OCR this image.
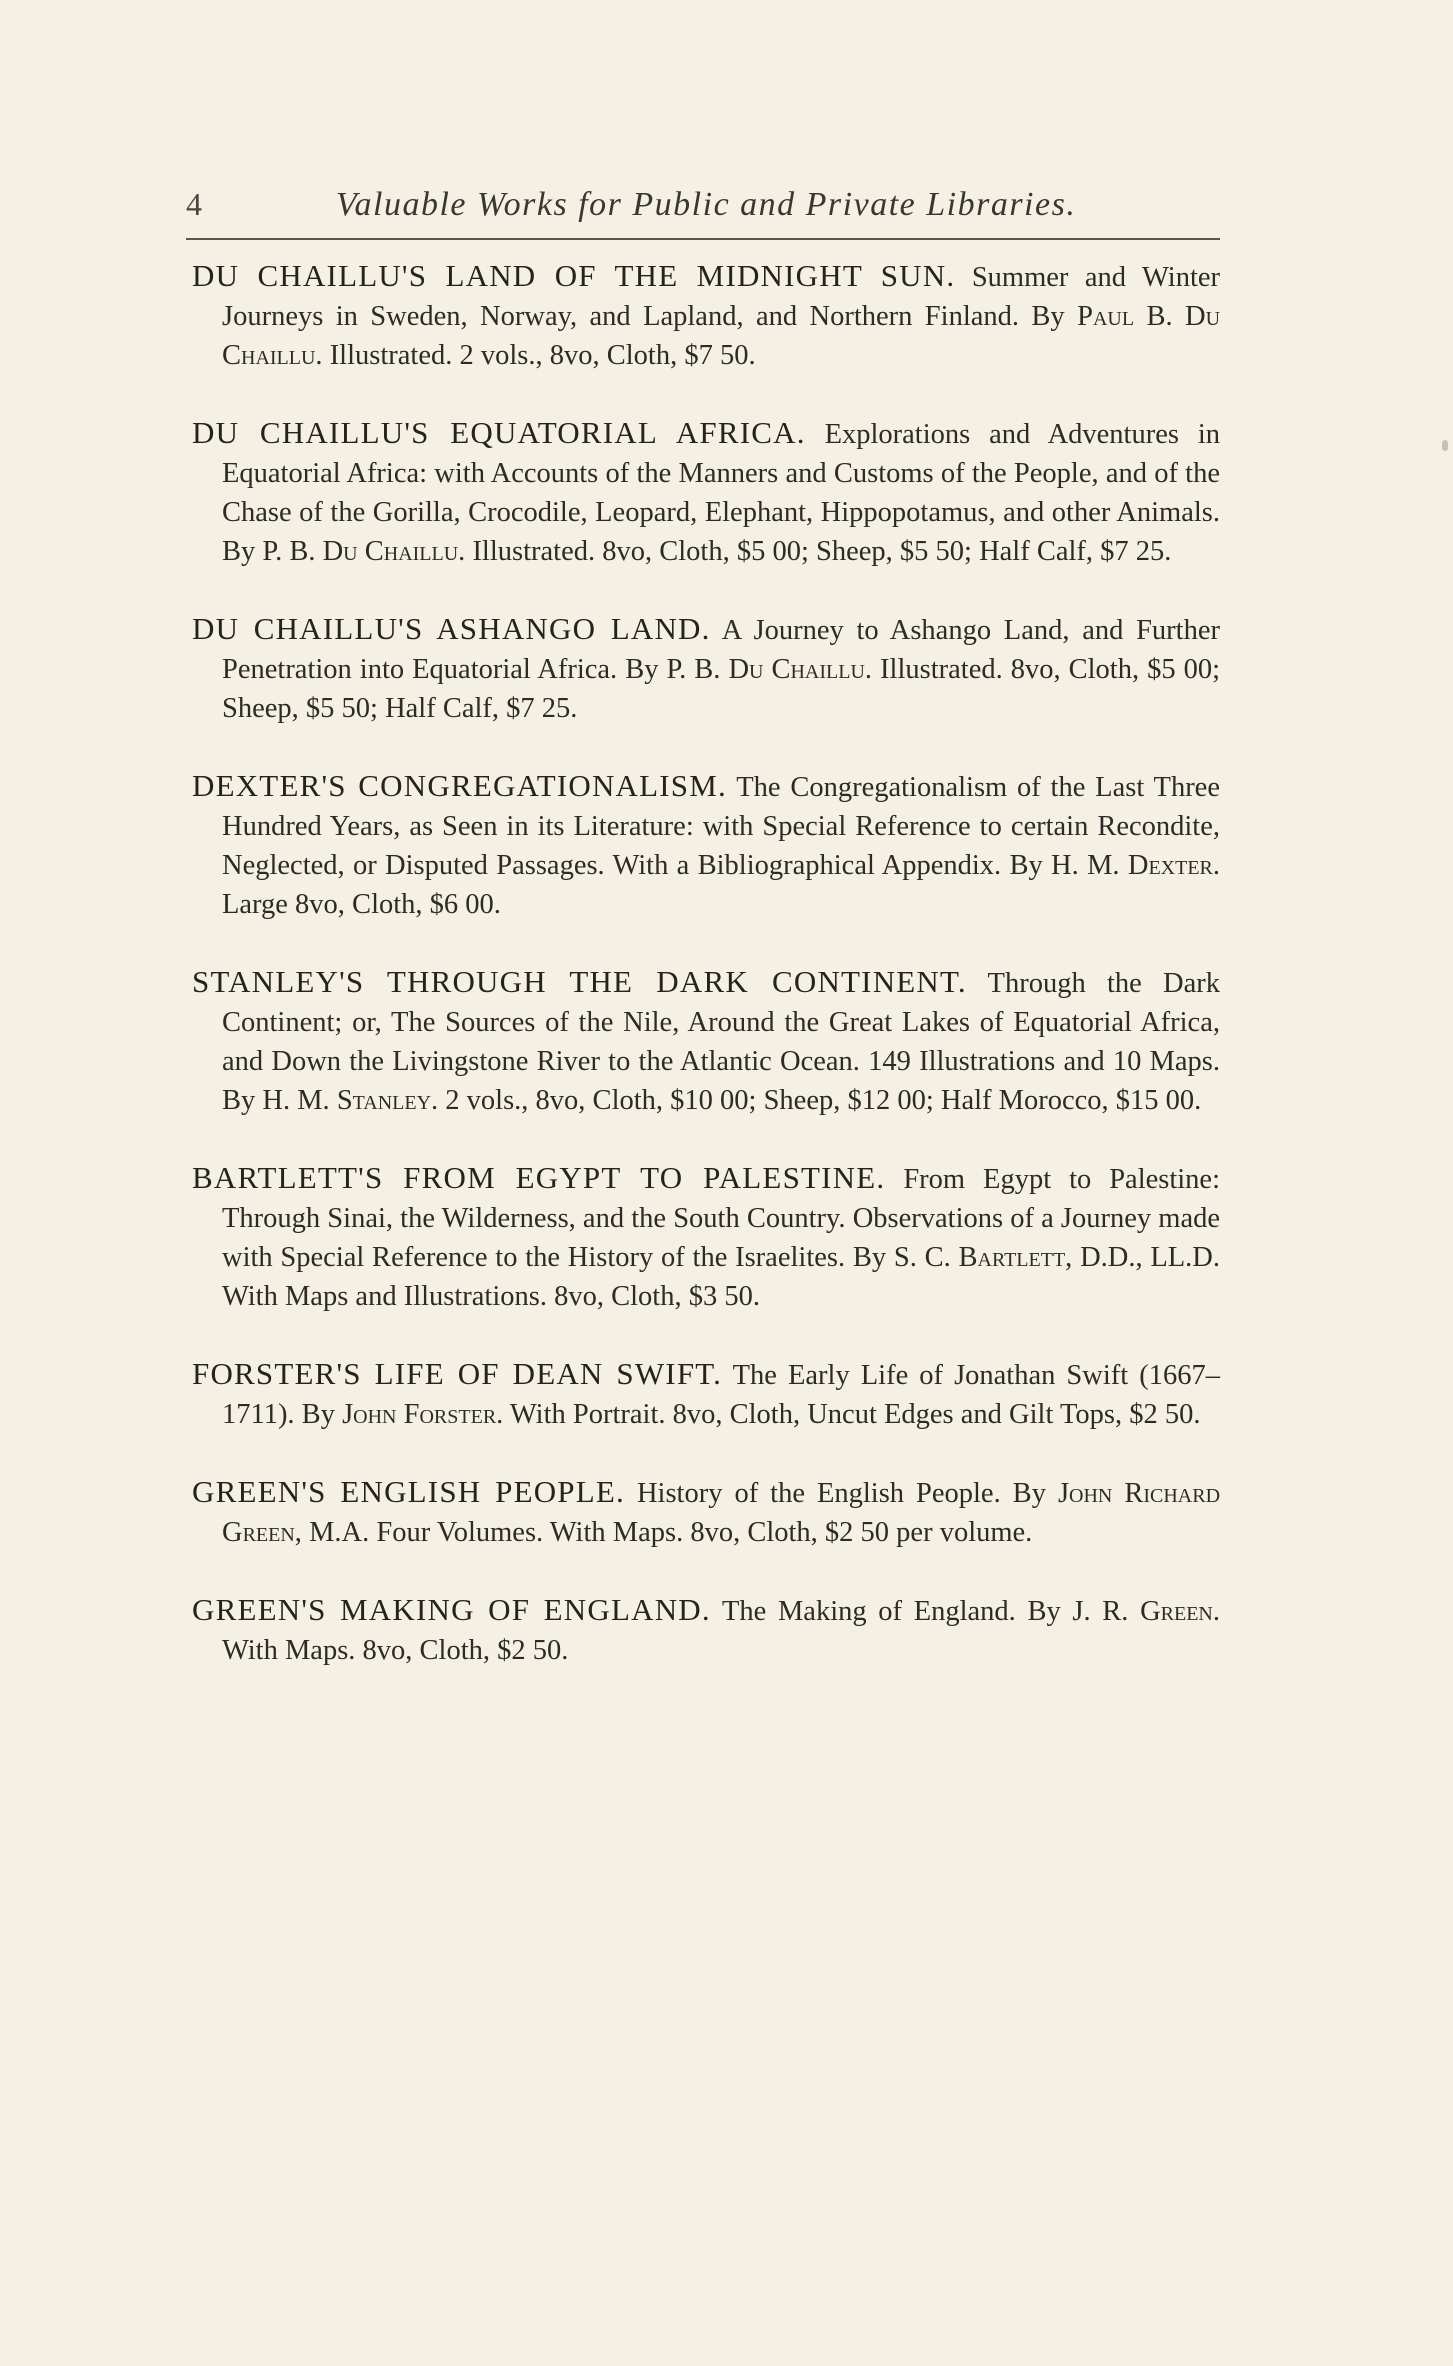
4	Valuable Works for Public and Private Libraries.

DU CHAILLU'S LAND OF THE MIDNIGHT SUN. Summer and Winter Journeys in Sweden, Norway, and Lapland, and Northern Finland. By Paul B. Du Chaillu. Illustrated. 2 vols., 8vo, Cloth, $7 50.

DU CHAILLU'S EQUATORIAL AFRICA. Explorations and Adventures in Equatorial Africa: with Accounts of the Manners and Customs of the People, and of the Chase of the Gorilla, Crocodile, Leopard, Elephant, Hippopotamus, and other Animals. By P. B. Du Chaillu. Illustrated. 8vo, Cloth, $5 00; Sheep, $5 50; Half Calf, $7 25.

DU CHAILLU'S ASHANGO LAND. A Journey to Ashango Land, and Further Penetration into Equatorial Africa. By P. B. Du Chaillu. Illustrated. 8vo, Cloth, $5 00; Sheep, $5 50; Half Calf, $7 25.

DEXTER'S CONGREGATIONALISM. The Congregationalism of the Last Three Hundred Years, as Seen in its Literature: with Special Reference to certain Recondite, Neglected, or Disputed Passages. With a Bibliographical Appendix. By H. M. Dexter. Large 8vo, Cloth, $6 00.

STANLEY'S THROUGH THE DARK CONTINENT. Through the Dark Continent; or, The Sources of the Nile, Around the Great Lakes of Equatorial Africa, and Down the Livingstone River to the Atlantic Ocean. 149 Illustrations and 10 Maps. By H. M. Stanley. 2 vols., 8vo, Cloth, $10 00; Sheep, $12 00; Half Morocco, $15 00.

BARTLETT'S FROM EGYPT TO PALESTINE. From Egypt to Palestine: Through Sinai, the Wilderness, and the South Country. Observations of a Journey made with Special Reference to the History of the Israelites. By S. C. Bartlett, D.D., LL.D. With Maps and Illustrations. 8vo, Cloth, $3 50.

FORSTER'S LIFE OF DEAN SWIFT. The Early Life of Jonathan Swift (1667–1711). By John Forster. With Portrait. 8vo, Cloth, Uncut Edges and Gilt Tops, $2 50.

GREEN'S ENGLISH PEOPLE. History of the English People. By John Richard Green, M.A. Four Volumes. With Maps. 8vo, Cloth, $2 50 per volume.

GREEN'S MAKING OF ENGLAND. The Making of England. By J. R. Green. With Maps. 8vo, Cloth, $2 50.
